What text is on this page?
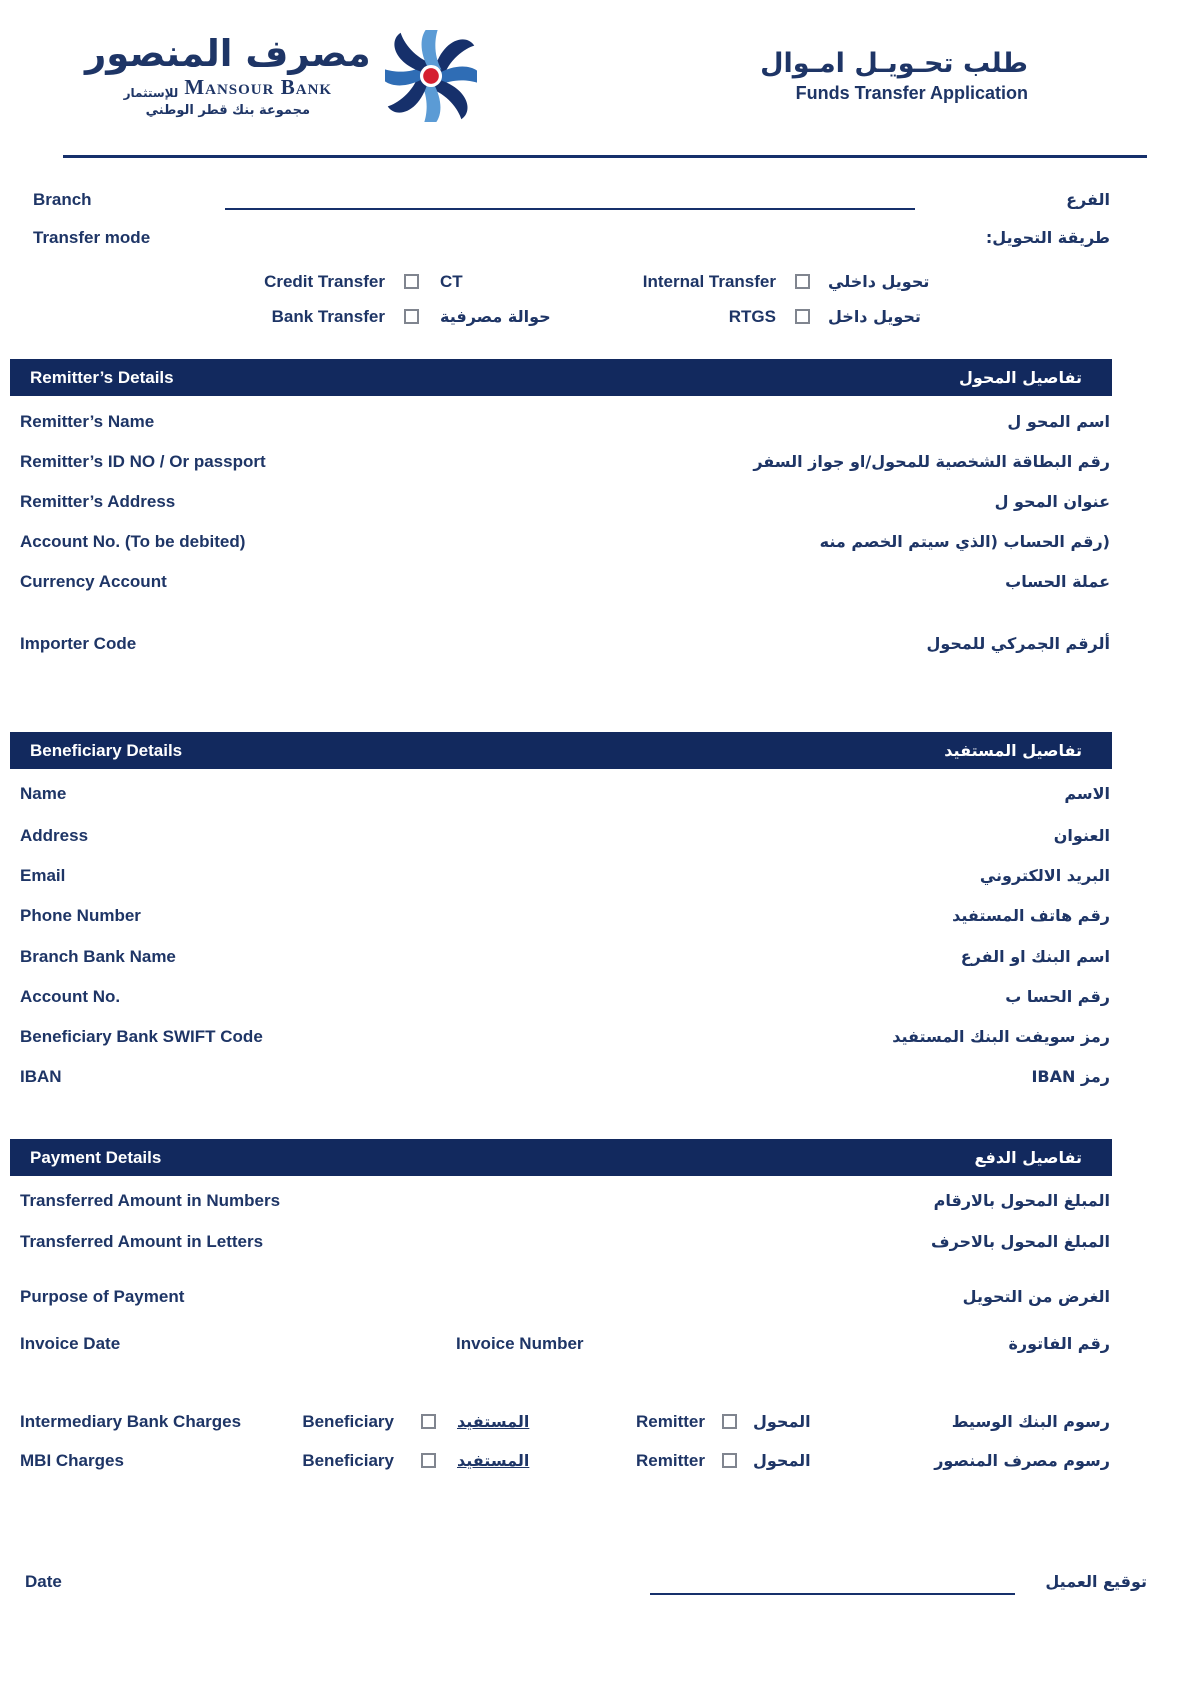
مصرف المنصور
للإستثمار Mansour Bank
مجموعة بنك قطر الوطني
طلب تحـويـل امـوال
Funds Transfer Application
Branch	الفرع
Transfer mode	طريقة التحويل:
Credit Transfer	CT	Internal Transfer	تحويل داخلي
Bank Transfer	حوالة مصرفية	RTGS	تحويل داخل
Remitter’s Details	تفاصيل المحول
Remitter’s Name	اسم المحو ل
Remitter’s ID NO / Or passport	رقم البطاقة الشخصية للمحول/او جواز السفر
Remitter’s Address	عنوان المحو ل
Account No. (To be debited)	(رقم الحساب (الذي سيتم الخصم منه
Currency Account	عملة الحساب
Importer Code	ألرقم الجمركي للمحول
Beneficiary Details	تفاصيل المستفيد
Name	الاسم
Address	العنوان
Email	البريد الالكتروني
Phone Number	رقم هاتف المستفيد
Branch Bank Name	اسم البنك او الفرع
Account No.	رقم الحسا ب
Beneficiary Bank SWIFT Code	رمز سويفت البنك المستفيد
IBAN	رمز IBAN
Payment Details	تفاصيل الدفع
Transferred Amount in Numbers	المبلغ المحول بالارقام
Transferred Amount in Letters	المبلغ المحول بالاحرف
Purpose of Payment	الغرض من التحويل
Invoice Date	Invoice Number	رقم الفاتورة
Intermediary Bank Charges	Beneficiary	المستفيد	Remitter	المحول	رسوم البنك الوسيط
MBI Charges	Beneficiary	المستفيد	Remitter	المحول	رسوم مصرف المنصور
Date	توقيع العميل
